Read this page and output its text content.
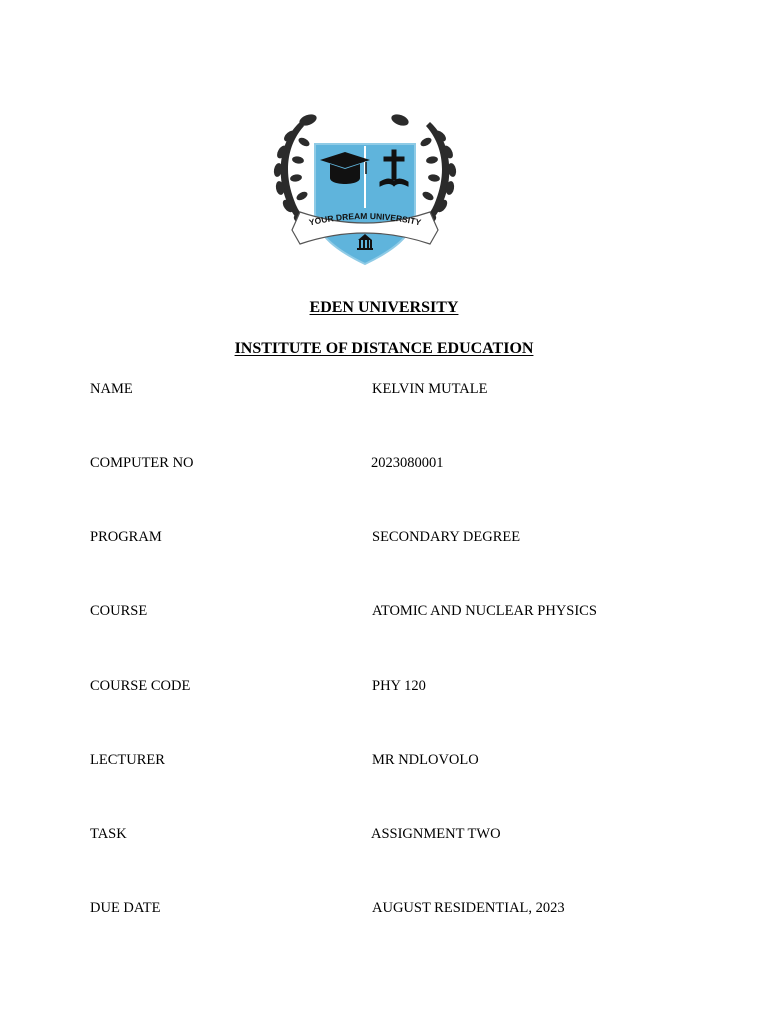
YOUR DREAM UNIVERSITY
EDEN UNIVERSITY
INSTITUTE OF DISTANCE EDUCATION
NAME	KELVIN MUTALE
COMPUTER NO	2023080001
PROGRAM	SECONDARY DEGREE
COURSE	ATOMIC AND NUCLEAR PHYSICS
COURSE CODE	PHY 120
LECTURER	MR NDLOVOLO
TASK	ASSIGNMENT TWO
DUE DATE	AUGUST RESIDENTIAL, 2023
